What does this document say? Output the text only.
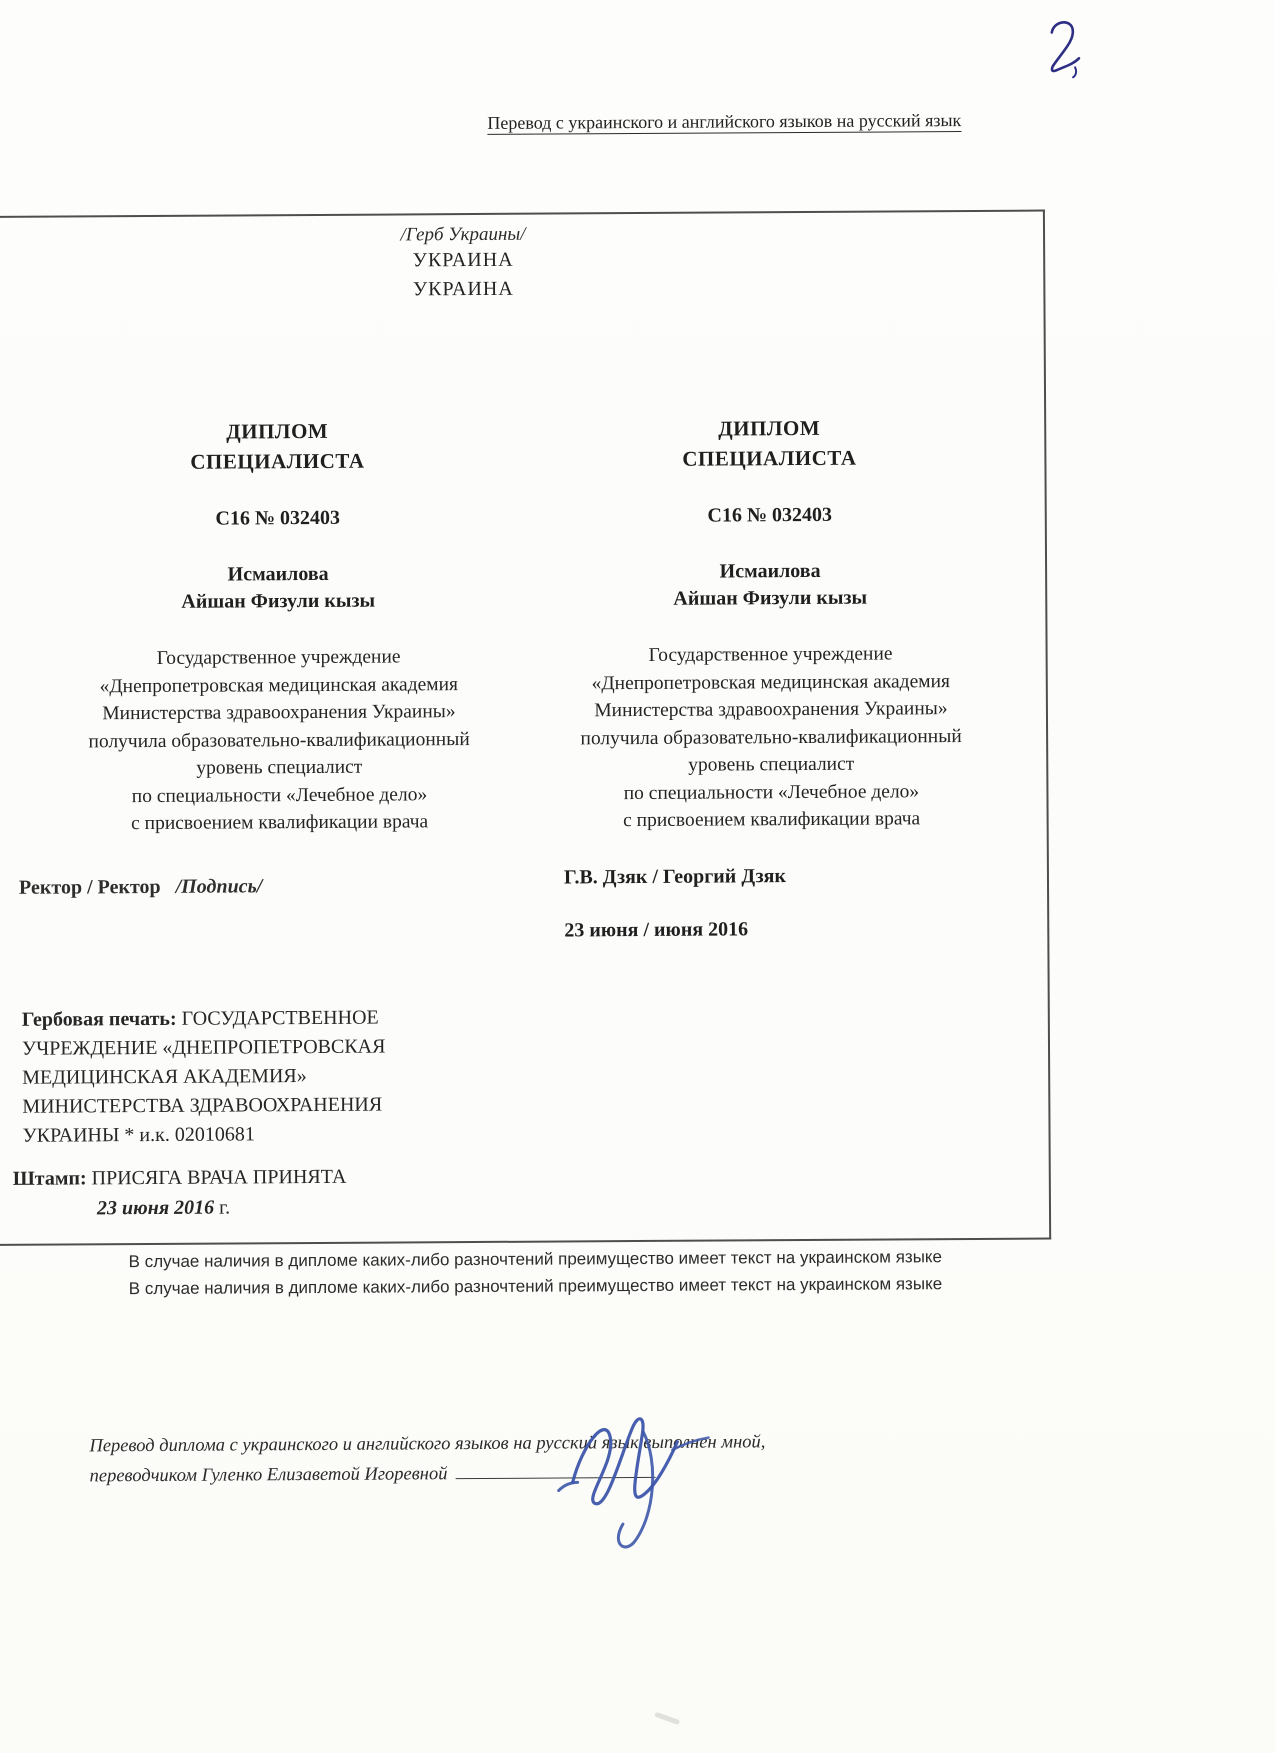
Перевод с украинского и английского языков на русский язык
/Герб Украины/
УКРАИНА
УКРАИНА
ДИПЛОМ
СПЕЦИАЛИСТА
С16 № 032403
Исмаилова
Айшан Физули кызы
Государственное учреждение
«Днепропетровская медицинская академия
Министерства здравоохранения Украины»
получила образовательно-квалификационный
уровень специалист
по специальности «Лечебное дело»
с присвоением квалификации врача
ДИПЛОМ
СПЕЦИАЛИСТА
С16 № 032403
Исмаилова
Айшан Физули кызы
Государственное учреждение
«Днепропетровская медицинская академия
Министерства здравоохранения Украины»
получила образовательно-квалификационный
уровень специалист
по специальности «Лечебное дело»
с присвоением квалификации врача
Ректор / Ректор /Подпись/
Гербовая печать: ГОСУДАРСТВЕННОЕ
УЧРЕЖДЕНИЕ «ДНЕПРОПЕТРОВСКАЯ
МЕДИЦИНСКАЯ АКАДЕМИЯ»
МИНИСТЕРСТВА ЗДРАВООХРАНЕНИЯ
УКРАИНЫ * и.к. 02010681
Штамп: ПРИСЯГА ВРАЧА ПРИНЯТА
23 июня 2016 г.
Г.В. Дзяк / Георгий Дзяк
23 июня / июня 2016
В случае наличия в дипломе каких-либо разночтений преимущество имеет текст на украинском языке
В случае наличия в дипломе каких-либо разночтений преимущество имеет текст на украинском языке
Перевод диплома с украинского и английского языков на русский язык выполнен мной,
переводчиком Гуленко Елизаветой Игоревной
